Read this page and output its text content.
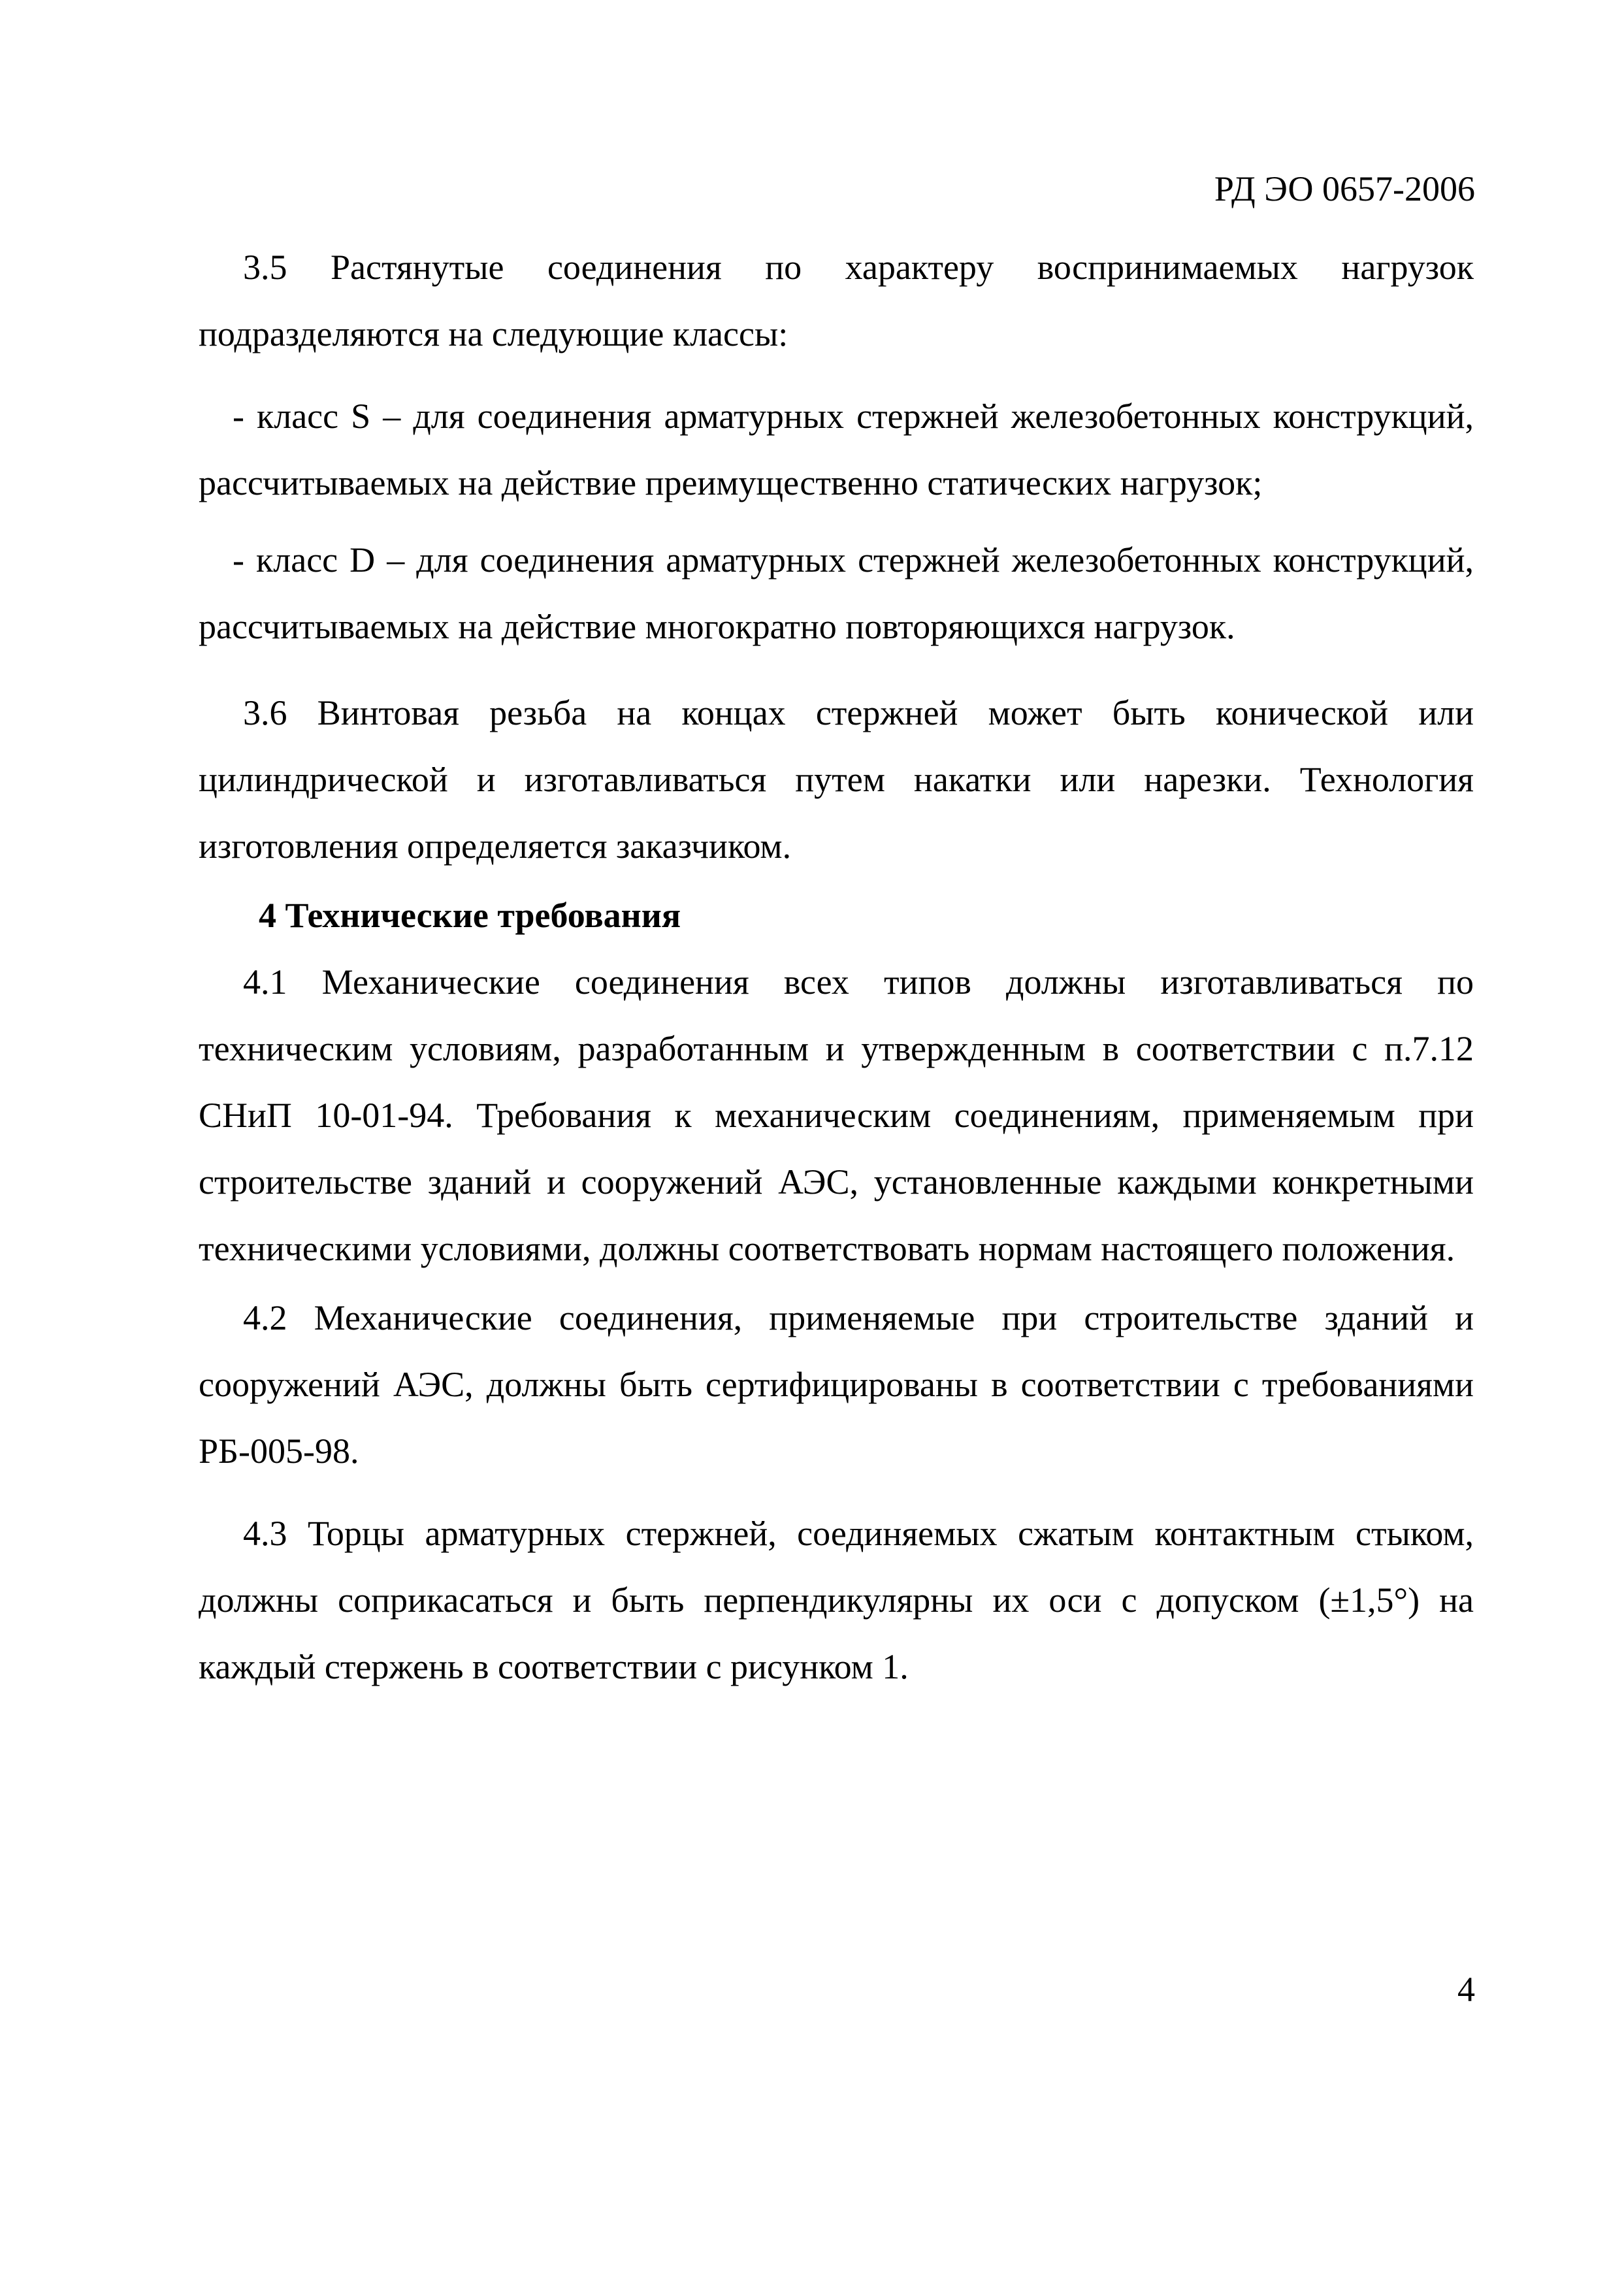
РД ЭО 0657-2006

3.5 Растянутые соединения по характеру воспринимаемых нагрузок подразделяются на следующие классы:

- класс S – для соединения арматурных стержней железобетонных конструкций, рассчитываемых на действие преимущественно статических нагрузок;

- класс D – для соединения арматурных стержней железобетонных конструкций, рассчитываемых на действие многократно повторяющихся нагрузок.

3.6 Винтовая резьба на концах стержней может быть конической или цилиндрической и изготавливаться путем накатки или нарезки. Технология изготовления определяется заказчиком.

4 Технические требования

4.1 Механические соединения всех типов должны изготавливаться по техническим условиям, разработанным и утвержденным в соответствии с п.7.12 СНиП 10-01-94. Требования к механическим соединениям, применяемым при строительстве зданий и сооружений АЭС, установленные каждыми конкретными техническими условиями, должны соответствовать нормам настоящего положения.

4.2 Механические соединения, применяемые при строительстве зданий и сооружений АЭС, должны быть сертифицированы в соответствии с требованиями РБ-005-98.

4.3 Торцы арматурных стержней, соединяемых сжатым контактным стыком, должны соприкасаться и быть перпендикулярны их оси с допуском (±1,5°) на каждый стержень в соответствии с рисунком 1.

4
